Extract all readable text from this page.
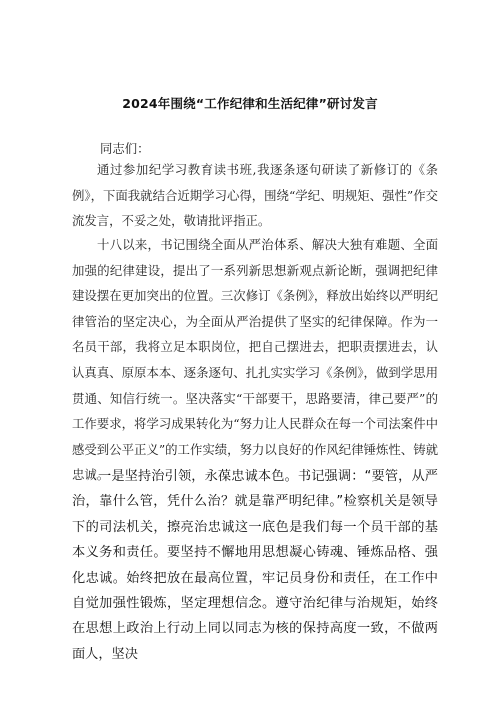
2024年围绕“工作纪律和生活纪律”研讨发言
同志们：
通过参加纪学习教育读书班,我逐条逐句研读了新修订的《条例》，下面我就结合近期学习心得，围绕“学纪、明规矩、强性”作交流发言，不妥之处，敬请批评指正。
十八以来，书记围绕全面从严治体系、解决大独有难题、全面加强的纪律建设，提出了一系列新思想新观点新论断，强调把纪律建设摆在更加突出的位置。三次修订《条例》，释放出始终以严明纪律管治的坚定决心，为全面从严治提供了坚实的纪律保障。作为一名员干部，我将立足本职岗位，把自己摆进去，把职责摆进去，认认真真、原原本本、逐条逐句、扎扎实实学习《条例》，做到学思用贯通、知信行统一。坚决落实“干部要干，思路要清，律己要严”的工作要求，将学习成果转化为“努力让人民群众在每一个司法案件中感受到公平正义”的工作实绩，努力以良好的作风纪律锤炼性、铸就忠诚。
一是坚持治引领，永葆忠诚本色。书记强调：“要管，从严治，靠什么管，凭什么治？就是靠严明纪律。”检察机关是领导下的司法机关，擦亮治忠诚这一底色是我们每一个员干部的基本义务和责任。要坚持不懈地用思想凝心铸魂、锤炼品格、强化忠诚。始终把放在最高位置，牢记员身份和责任，在工作中自觉加强性锻炼，坚定理想信念。遵守治纪律与治规矩，始终在思想上政治上行动上同以同志为核的保持高度一致，不做两面人，坚决
